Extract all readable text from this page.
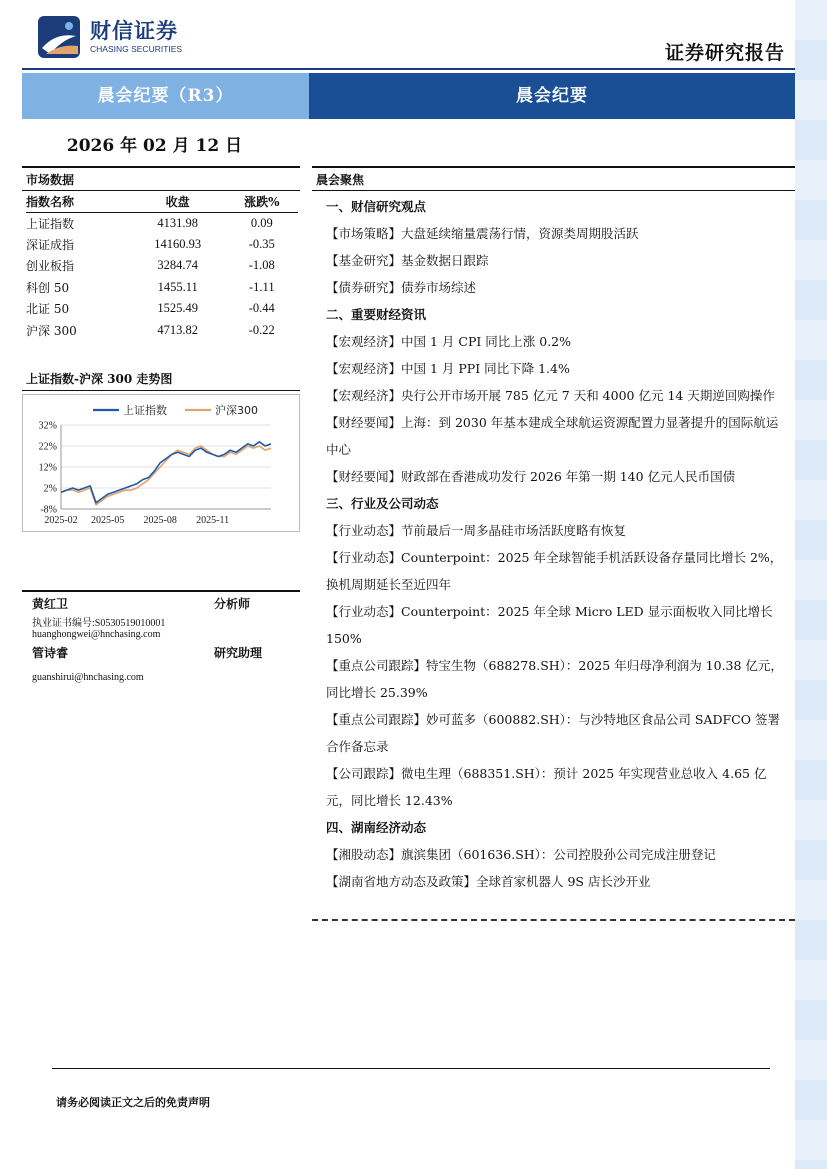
财信证券
CHASING SECURITIES	证券研究报告
晨会纪要（R3）	晨会纪要
2026 年 02 月 12 日
市场数据
指数名称	收盘	涨跌%
上证指数	4131.98	0.09
深证成指	14160.93	-0.35
创业板指	3284.74	-1.08
科创 50	1455.11	-1.11
北证 50	1525.49	-0.44
沪深 300	4713.82	-0.22
上证指数-沪深 300 走势图
32%
22%
12%
2%
-8%
2025-02 2025-05 2025-08 2025-11
上证指数	沪深300
黄红卫	分析师
执业证书编号:S0530519010001
huanghongwei@hnchasing.com
管诗睿	研究助理
guanshirui@hnchasing.com
晨会聚焦
一、财信研究观点
【市场策略】大盘延续缩量震荡行情，资源类周期股活跃
【基金研究】基金数据日跟踪
【债券研究】债券市场综述
二、重要财经资讯
【宏观经济】中国 1 月 CPI 同比上涨 0.2%
【宏观经济】中国 1 月 PPI 同比下降 1.4%
【宏观经济】央行公开市场开展 785 亿元 7 天和 4000 亿元 14 天期逆回购操作
【财经要闻】上海：到 2030 年基本建成全球航运资源配置力显著提升的国际航运中心
【财经要闻】财政部在香港成功发行 2026 年第一期 140 亿元人民币国债
三、行业及公司动态
【行业动态】节前最后一周多晶硅市场活跃度略有恢复
【行业动态】Counterpoint：2025 年全球智能手机活跃设备存量同比增长 2%，换机周期延长至近四年
【行业动态】Counterpoint：2025 年全球 Micro LED 显示面板收入同比增长 150%
【重点公司跟踪】特宝生物（688278.SH）：2025 年归母净利润为 10.38 亿元，同比增长 25.39%
【重点公司跟踪】妙可蓝多（600882.SH）：与沙特地区食品公司 SADFCO 签署合作备忘录
【公司跟踪】微电生理（688351.SH）：预计 2025 年实现营业总收入 4.65 亿元，同比增长 12.43%
四、湖南经济动态
【湘股动态】旗滨集团（601636.SH）：公司控股孙公司完成注册登记
【湖南省地方动态及政策】全球首家机器人 9S 店长沙开业
请务必阅读正文之后的免责声明
